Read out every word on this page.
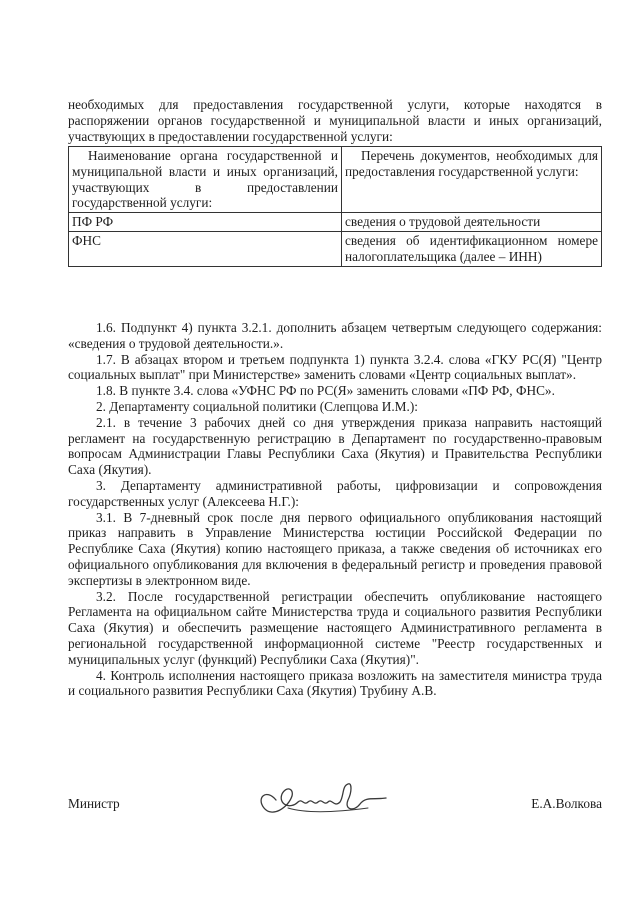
необходимых для предоставления государственной услуги, которые находятся в распоряжении органов государственной и муниципальной власти и иных организаций, участвующих в предоставлении государственной услуги:

Наименование органа государственной и муниципальной власти и иных организаций, участвующих в предоставлении государственной услуги:	Перечень документов, необходимых для предоставления государственной услуги:

ПФ РФ	сведения о трудовой деятельности
ФНС	сведения об идентификационном номере налогоплательщика (далее – ИНН)

1.6. Подпункт 4) пункта 3.2.1. дополнить абзацем четвертым следующего содержания: «сведения о трудовой деятельности.».

1.7. В абзацах втором и третьем подпункта 1) пункта 3.2.4. слова «ГКУ РС(Я) "Центр социальных выплат" при Министерстве» заменить словами «Центр социальных выплат».

1.8. В пункте 3.4. слова «УФНС РФ по РС(Я» заменить словами «ПФ РФ, ФНС».

2. Департаменту социальной политики (Слепцова И.М.):

2.1. в течение 3 рабочих дней со дня утверждения приказа направить настоящий регламент на государственную регистрацию в Департамент по государственно-правовым вопросам Администрации Главы Республики Саха (Якутия) и Правительства Республики Саха (Якутия).

3. Департаменту административной работы, цифровизации и сопровождения государственных услуг (Алексеева Н.Г.):

3.1. В 7-дневный срок после дня первого официального опубликования настоящий приказ направить в Управление Министерства юстиции Российской Федерации по Республике Саха (Якутия) копию настоящего приказа, а также сведения об источниках его официального опубликования для включения в федеральный регистр и проведения правовой экспертизы в электронном виде.

3.2. После государственной регистрации обеспечить опубликование настоящего Регламента на официальном сайте Министерства труда и социального развития Республики Саха (Якутия) и обеспечить размещение настоящего Административного регламента в региональной государственной информационной системе "Реестр государственных и муниципальных услуг (функций) Республики Саха (Якутия)".

4. Контроль исполнения настоящего приказа возложить на заместителя министра труда и социального развития Республики Саха (Якутия) Трубину А.В.

Министр	Е.А.Волкова
